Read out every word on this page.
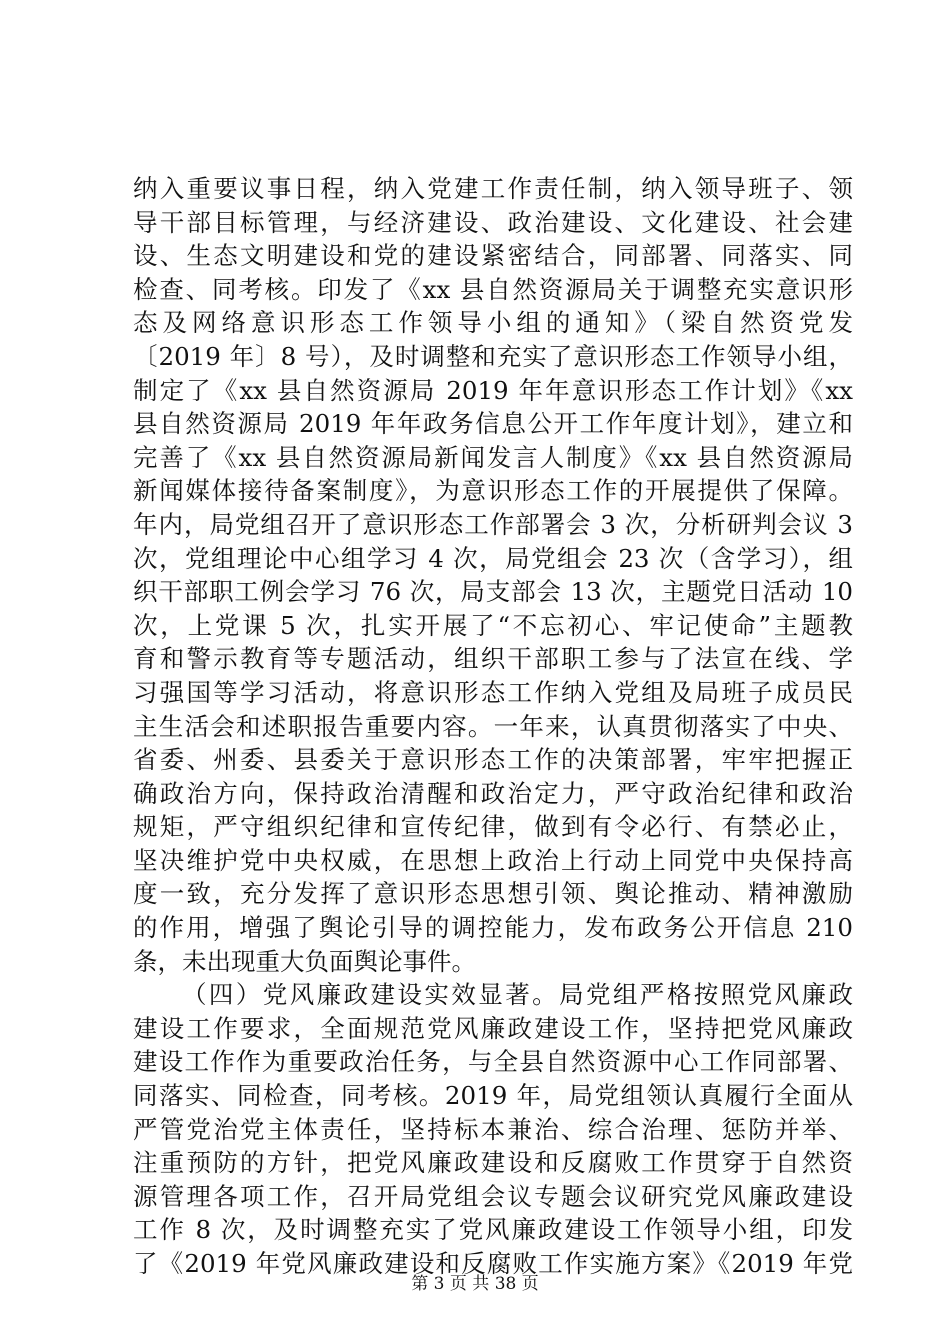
纳入重要议事日程，纳入党建工作责任制，纳入领导班子、领
导干部目标管理，与经济建设、政治建设、文化建设、社会建
设、生态文明建设和党的建设紧密结合，同部署、同落实、同
检查、同考核。印发了《xx 县自然资源局关于调整充实意识形
态及网络意识形态工作领导小组的通知》（梁自然资党发
〔2019 年〕8 号），及时调整和充实了意识形态工作领导小组，
制定了《xx 县自然资源局 2019 年年意识形态工作计划》《xx
县自然资源局 2019 年年政务信息公开工作年度计划》，建立和
完善了《xx 县自然资源局新闻发言人制度》《xx 县自然资源局
新闻媒体接待备案制度》，为意识形态工作的开展提供了保障。
年内，局党组召开了意识形态工作部署会 3 次，分析研判会议 3
次，党组理论中心组学习 4 次，局党组会 23 次（含学习），组
织干部职工例会学习 76 次，局支部会 13 次，主题党日活动 10
次，上党课 5 次，扎实开展了“不忘初心、牢记使命”主题教
育和警示教育等专题活动，组织干部职工参与了法宣在线、学
习强国等学习活动，将意识形态工作纳入党组及局班子成员民
主生活会和述职报告重要内容。一年来，认真贯彻落实了中央、
省委、州委、县委关于意识形态工作的决策部署，牢牢把握正
确政治方向，保持政治清醒和政治定力，严守政治纪律和政治
规矩，严守组织纪律和宣传纪律，做到有令必行、有禁必止，
坚决维护党中央权威，在思想上政治上行动上同党中央保持高
度一致，充分发挥了意识形态思想引领、舆论推动、精神激励
的作用，增强了舆论引导的调控能力，发布政务公开信息 210
条，未出现重大负面舆论事件。

（四）党风廉政建设实效显著。局党组严格按照党风廉政
建设工作要求，全面规范党风廉政建设工作，坚持把党风廉政
建设工作作为重要政治任务，与全县自然资源中心工作同部署、
同落实、同检查，同考核。2019 年，局党组领认真履行全面从
严管党治党主体责任，坚持标本兼治、综合治理、惩防并举、
注重预防的方针，把党风廉政建设和反腐败工作贯穿于自然资
源管理各项工作，召开局党组会议专题会议研究党风廉政建设
工作 8 次，及时调整充实了党风廉政建设工作领导小组，印发
了《2019 年党风廉政建设和反腐败工作实施方案》《2019 年党

第 3 页 共 38 页
